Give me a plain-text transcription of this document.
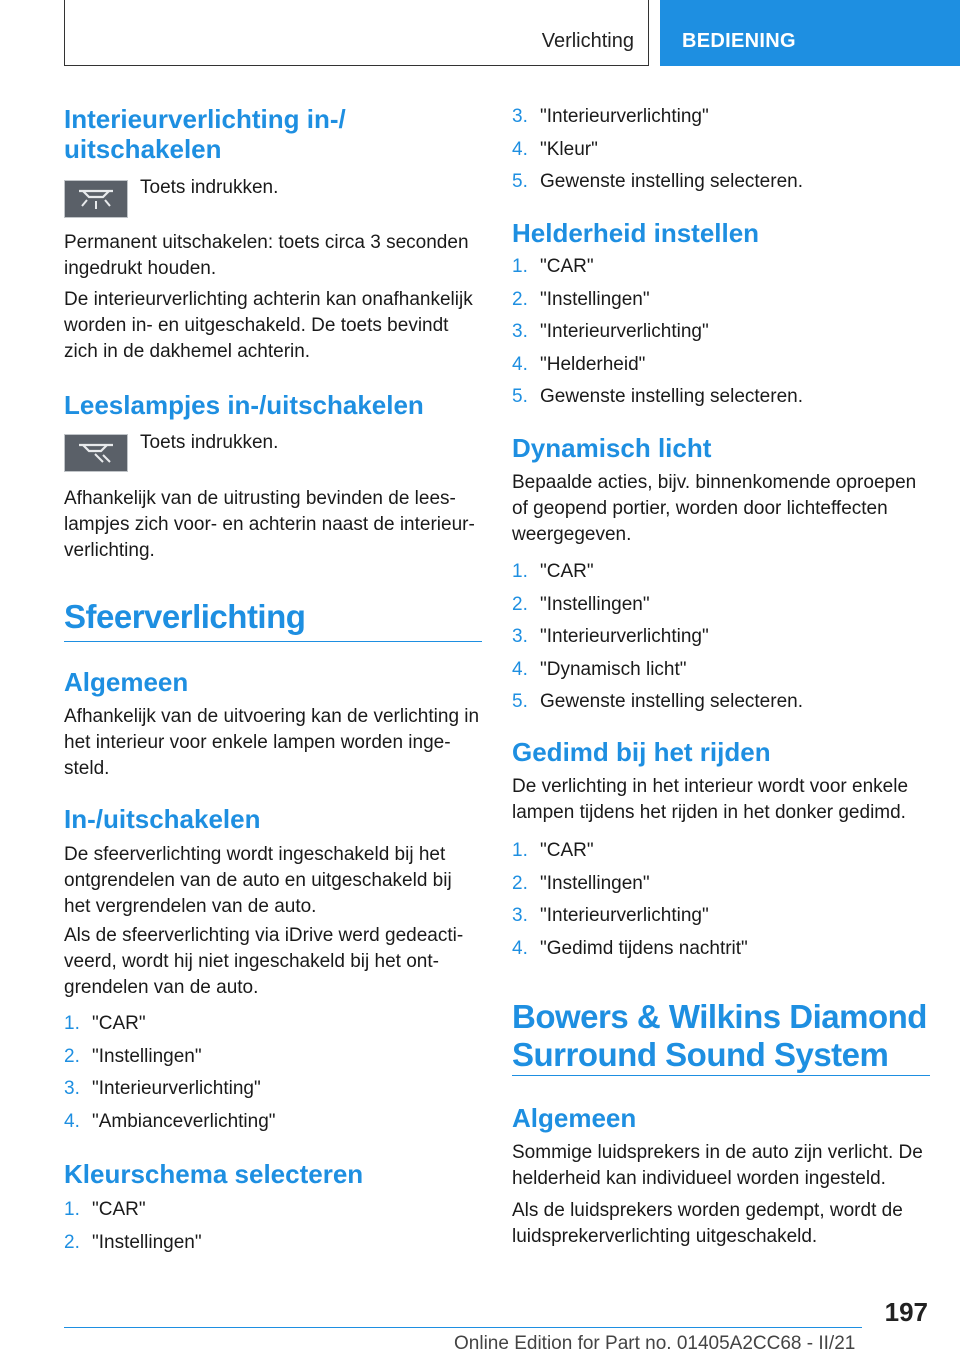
Verlichting BEDIENING
Interieurverlichting in-/ uitschakelen
Toets indrukken.

Permanent uitschakelen: toets circa 3 seconden ingedrukt houden.

De interieurverlichting achterin kan onafhankelijk worden in- en uitgeschakeld. De toets bevindt zich in de dakhemel achterin.

Leeslampjes in-/uitschakelen
Toets indrukken.

Afhankelijk van de uitrusting bevinden de leeslampjes zich voor- en achterin naast de interieurverlichting.

Sfeerverlichting
Algemeen

Afhankelijk van de uitvoering kan de verlichting in het interieur voor enkele lampen worden ingesteld.

In-/uitschakelen

De sfeerverlichting wordt ingeschakeld bij het ontgrendelen van de auto en uitgeschakeld bij het vergrendelen van de auto.

Als de sfeerverlichting via iDrive werd gedeactiveerd, wordt hij niet ingeschakeld bij het ontgrendelen van de auto.

1. "CAR"
2. "Instellingen"
3. "Interieurverlichting"
4. "Ambianceverlichting"
Kleurschema selecteren
1. "CAR"
2. "Instellingen"
3. "Interieurverlichting"
4. "Kleur"
5. Gewenste instelling selecteren.
Helderheid instellen
1. "CAR"
2. "Instellingen"
3. "Interieurverlichting"
4. "Helderheid"
5. Gewenste instelling selecteren.
Dynamisch licht

Bepaalde acties, bijv. binnenkomende oproepen of geopend portier, worden door lichteffecten weergegeven.

1. "CAR"
2. "Instellingen"
3. "Interieurverlichting"
4. "Dynamisch licht"
5. Gewenste instelling selecteren.
Gedimd bij het rijden

De verlichting in het interieur wordt voor enkele lampen tijdens het rijden in het donker gedimd.

1. "CAR"
2. "Instellingen"
3. "Interieurverlichting"
4. "Gedimd tijdens nachtrit"
Bowers & Wilkins Diamond Surround Sound System
Algemeen

Sommige luidsprekers in de auto zijn verlicht. De helderheid kan individueel worden ingesteld.

Als de luidsprekers worden gedempt, wordt de luidsprekerverlichting uitgeschakeld.

197
Online Edition for Part no. 01405A2CC68 - II/21
